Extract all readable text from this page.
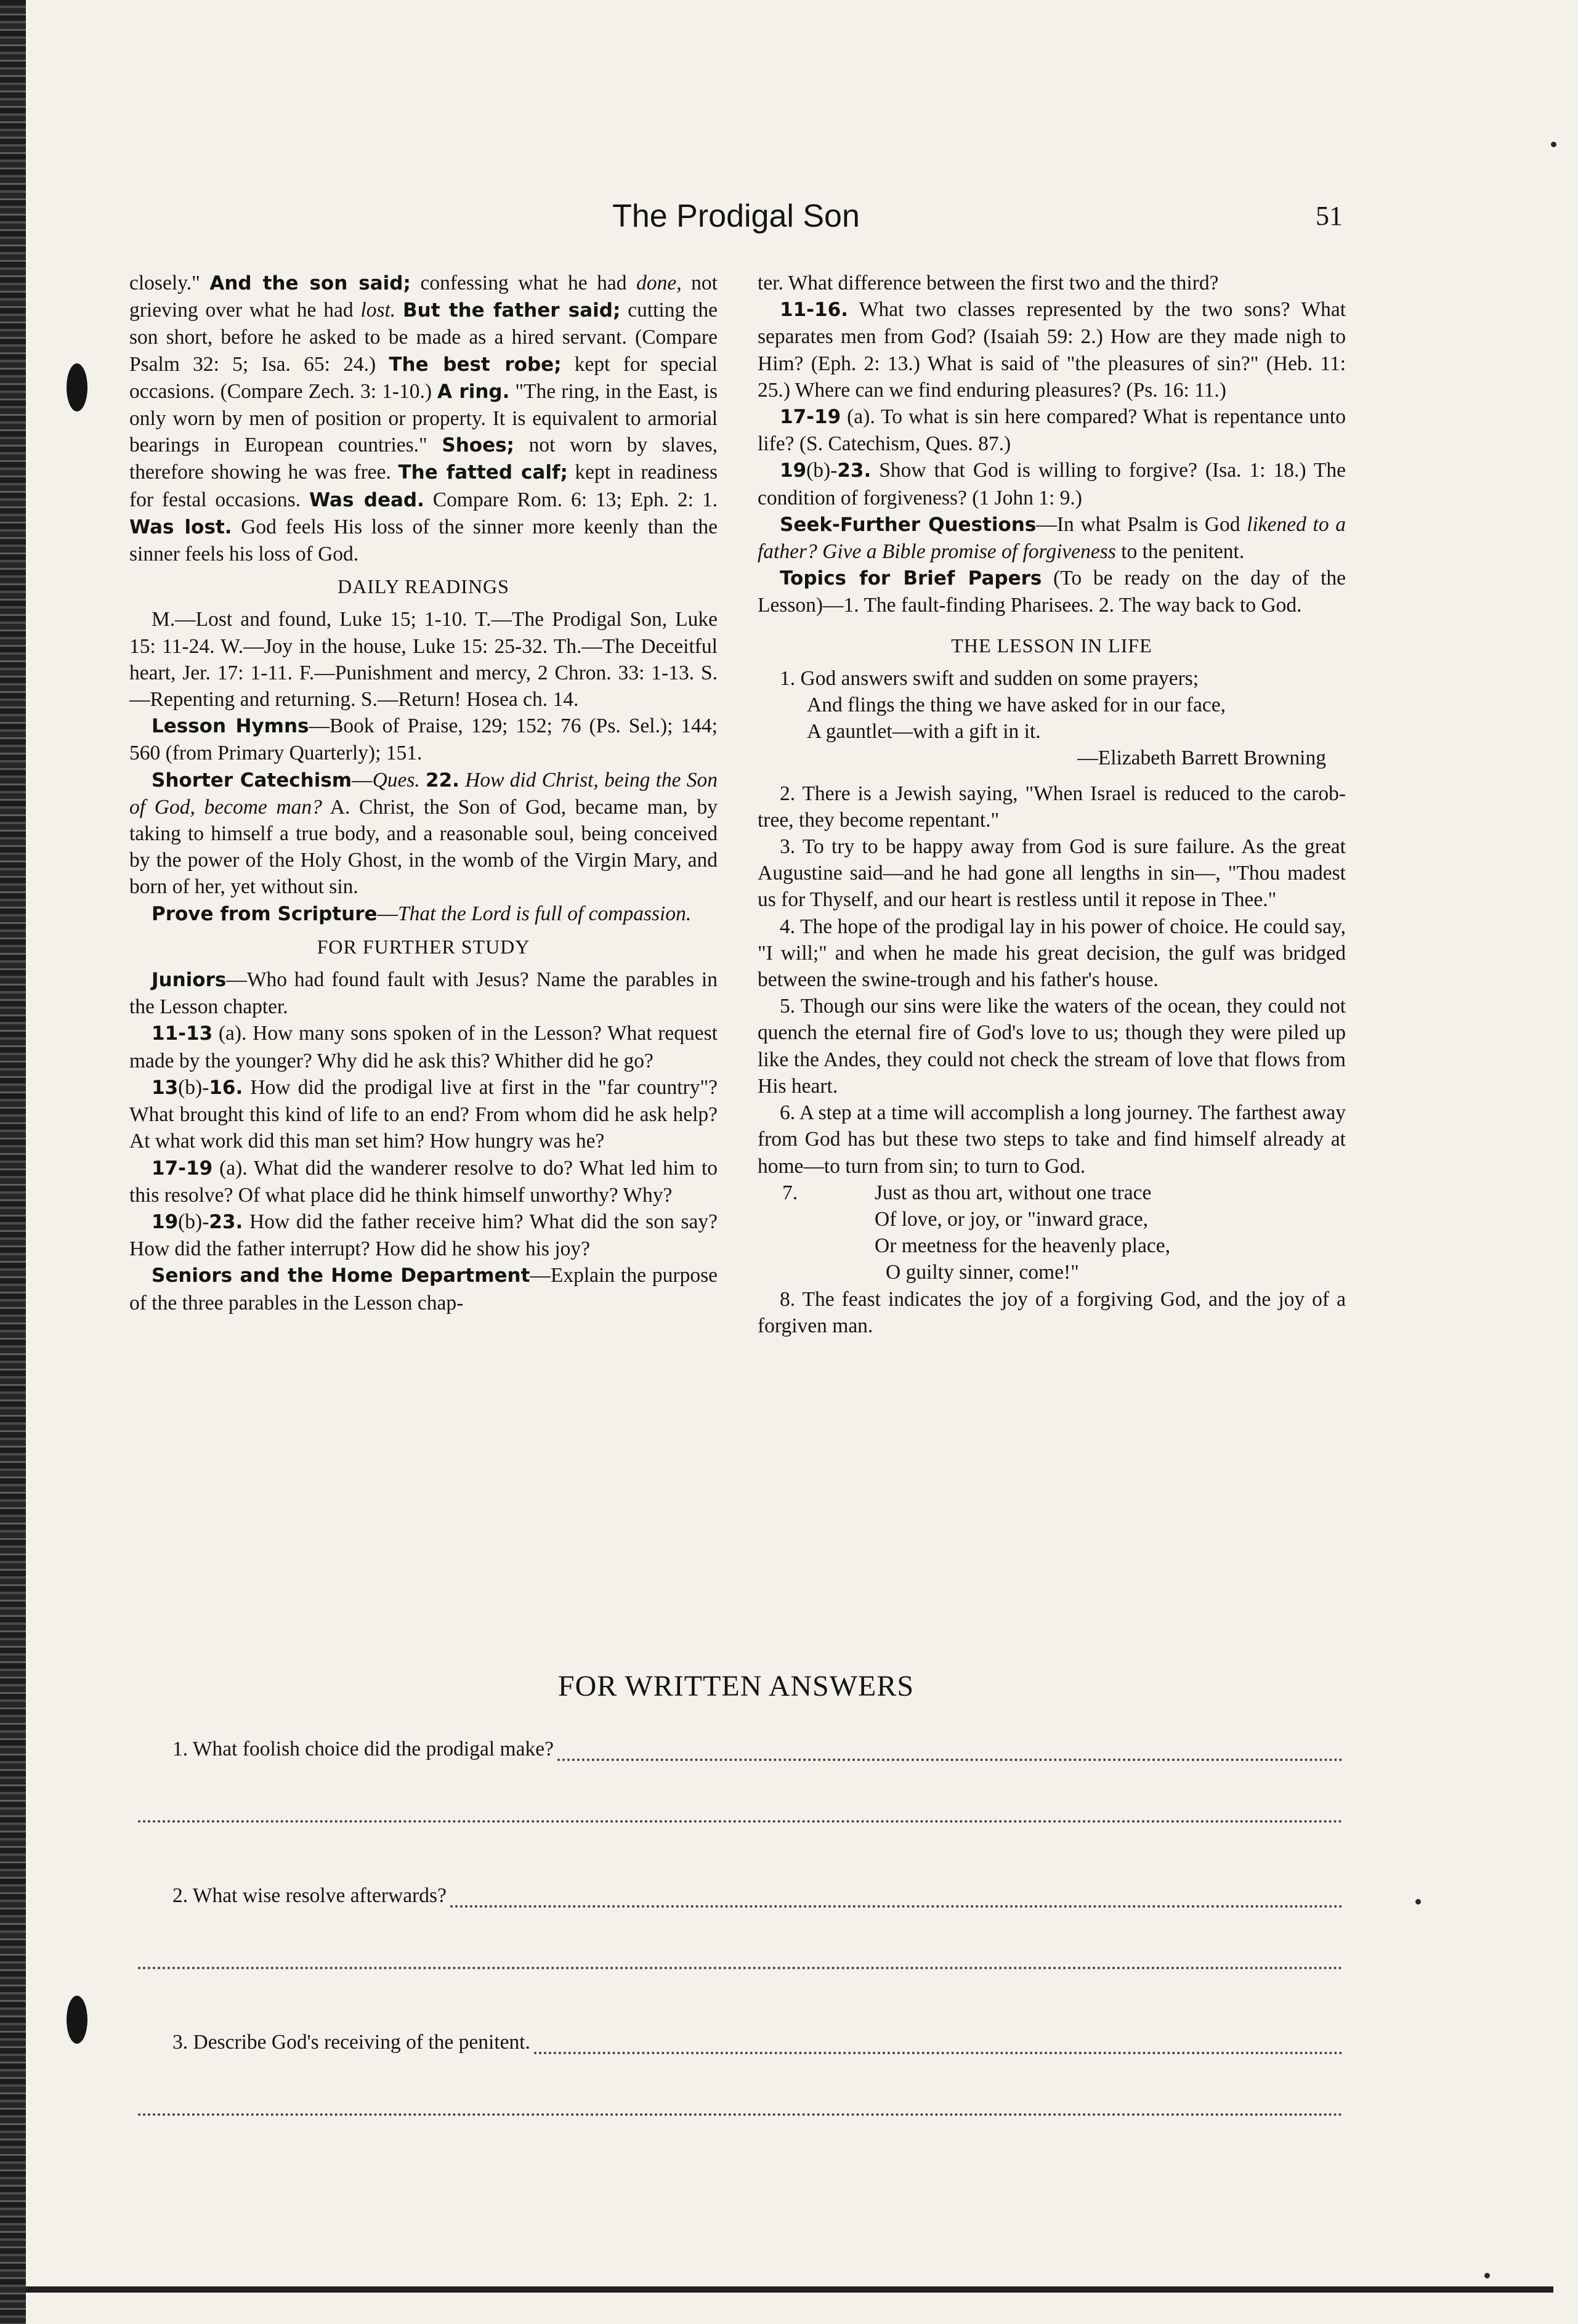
The Prodigal Son	51

closely." And the son said; confessing what he had done, not grieving over what he had lost. But the father said; cutting the son short, before he asked to be made as a hired servant. (Compare Psalm 32: 5; Isa. 65: 24.) The best robe; kept for special occasions. (Compare Zech. 3: 1-10.) A ring. "The ring, in the East, is only worn by men of position or property. It is equivalent to armorial bearings in European countries." Shoes; not worn by slaves, therefore showing he was free. The fatted calf; kept in readiness for festal occasions. Was dead. Compare Rom. 6: 13; Eph. 2: 1. Was lost. God feels His loss of the sinner more keenly than the sinner feels his loss of God.

DAILY READINGS

M.—Lost and found, Luke 15; 1-10. T.—The Prodigal Son, Luke 15: 11-24. W.—Joy in the house, Luke 15: 25-32. Th.—The Deceitful heart, Jer. 17: 1-11. F.—Punishment and mercy, 2 Chron. 33: 1-13. S.—Repenting and returning. S.—Return! Hosea ch. 14.

Lesson Hymns—Book of Praise, 129; 152; 76 (Ps. Sel.); 144; 560 (from Primary Quarterly); 151.

Shorter Catechism—Ques. 22. How did Christ, being the Son of God, become man? A. Christ, the Son of God, became man, by taking to himself a true body, and a reasonable soul, being conceived by the power of the Holy Ghost, in the womb of the Virgin Mary, and born of her, yet without sin.

Prove from Scripture—That the Lord is full of compassion.

FOR FURTHER STUDY

Juniors—Who had found fault with Jesus? Name the parables in the Lesson chapter.

11-13 (a). How many sons spoken of in the Lesson? What request made by the younger? Why did he ask this? Whither did he go?

13(b)-16. How did the prodigal live at first in the "far country"? What brought this kind of life to an end? From whom did he ask help? At what work did this man set him? How hungry was he?

17-19 (a). What did the wanderer resolve to do? What led him to this resolve? Of what place did he think himself unworthy? Why?

19(b)-23. How did the father receive him? What did the son say? How did the father interrupt? How did he show his joy?

Seniors and the Home Department—Explain the purpose of the three parables in the Lesson chap-

ter. What difference between the first two and the third?

11-16. What two classes represented by the two sons? What separates men from God? (Isaiah 59: 2.) How are they made nigh to Him? (Eph. 2: 13.) What is said of "the pleasures of sin?" (Heb. 11: 25.) Where can we find enduring pleasures? (Ps. 16: 11.)

17-19 (a). To what is sin here compared? What is repentance unto life? (S. Catechism, Ques. 87.)

19(b)-23. Show that God is willing to forgive? (Isa. 1: 18.) The condition of forgiveness? (1 John 1: 9.)

Seek-Further Questions—In what Psalm is God likened to a father? Give a Bible promise of forgiveness to the penitent.

Topics for Brief Papers (To be ready on the day of the Lesson)—1. The fault-finding Pharisees. 2. The way back to God.

THE LESSON IN LIFE

1. God answers swift and sudden on some prayers;

And flings the thing we have asked for in our face,
A gauntlet—with a gift in it.

—Elizabeth Barrett Browning

2. There is a Jewish saying, "When Israel is reduced to the carob-tree, they become repentant."

3. To try to be happy away from God is sure failure. As the great Augustine said—and he had gone all lengths in sin—, "Thou madest us for Thyself, and our heart is restless until it repose in Thee."

4. The hope of the prodigal lay in his power of choice. He could say, "I will;" and when he made his great decision, the gulf was bridged between the swine-trough and his father's house.

5. Though our sins were like the waters of the ocean, they could not quench the eternal fire of God's love to us; though they were piled up like the Andes, they could not check the stream of love that flows from His heart.

6. A step at a time will accomplish a long journey. The farthest away from God has but these two steps to take and find himself already at home—to turn from sin; to turn to God.

7.	Just as thou art, without one trace
Of love, or joy, or "inward grace,
Or meetness for the heavenly place,
O guilty sinner, come!"

8. The feast indicates the joy of a forgiving God, and the joy of a forgiven man.

FOR WRITTEN ANSWERS
1. What foolish choice did the prodigal make?
2. What wise resolve afterwards?
3. Describe God's receiving of the penitent.
